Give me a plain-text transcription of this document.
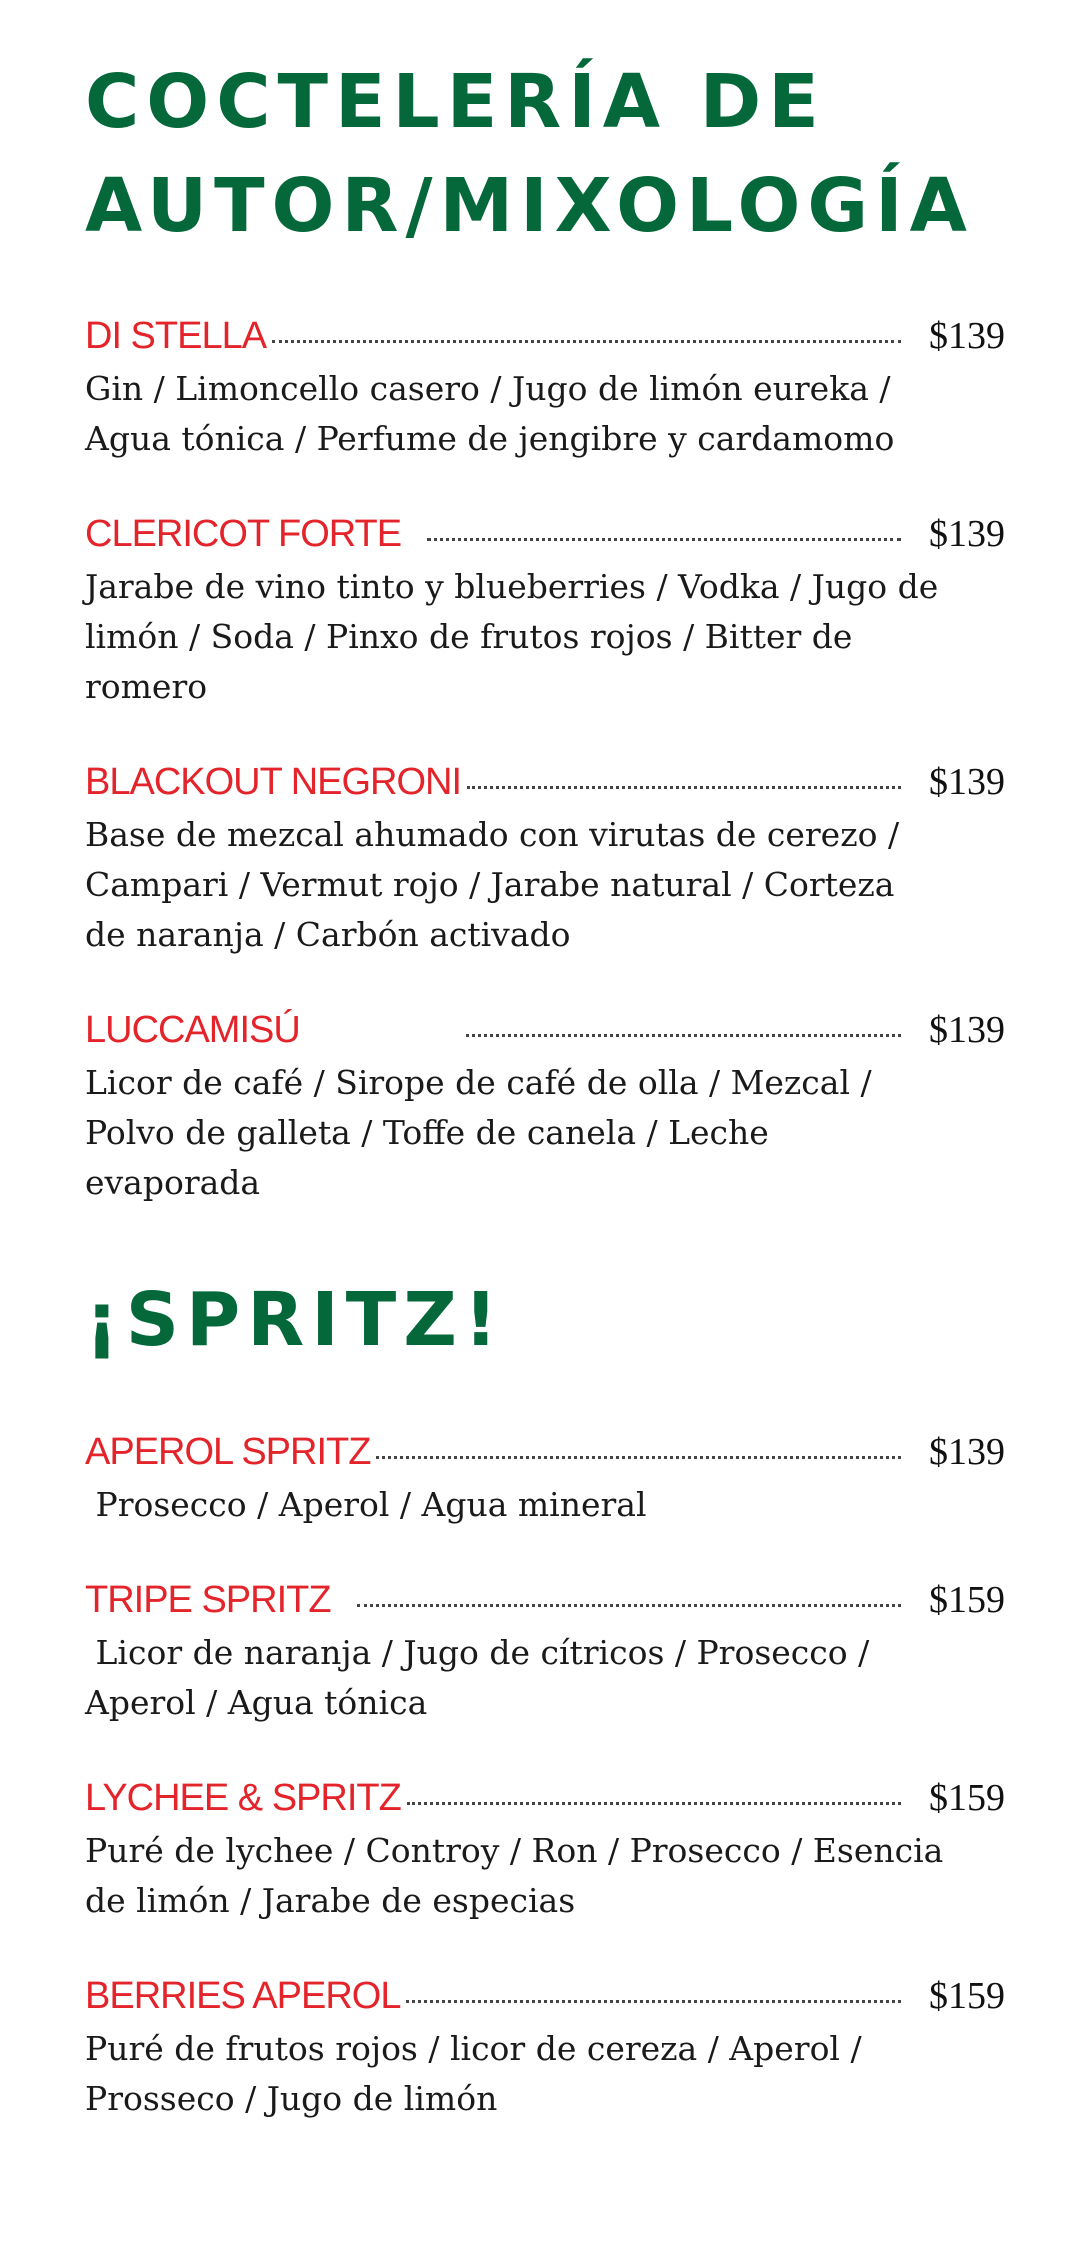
COCTELERÍA DE
AUTOR/MIXOLOGÍA
DI STELLA	$139
Gin / Limoncello casero / Jugo de limón eureka / Agua tónica / Perfume de jengibre y cardamomo
CLERICOT FORTE	$139
Jarabe de vino tinto y blueberries / Vodka / Jugo de limón / Soda / Pinxo de frutos rojos / Bitter de romero
BLACKOUT NEGRONI	$139
Base de mezcal ahumado con virutas de cerezo / Campari / Vermut rojo / Jarabe natural / Corteza de naranja / Carbón activado
LUCCAMISÚ	$139
Licor de café / Sirope de café de olla / Mezcal / Polvo de galleta / Toffe de canela / Leche evaporada
¡SPRITZ!
APEROL SPRITZ	$139
Prosecco / Aperol / Agua mineral
TRIPE SPRITZ	$159
Licor de naranja / Jugo de cítricos / Prosecco / Aperol / Agua tónica
LYCHEE & SPRITZ	$159
Puré de lychee / Controy / Ron / Prosecco / Esencia de limón / Jarabe de especias
BERRIES APEROL	$159
Puré de frutos rojos / licor de cereza / Aperol / Prosseco / Jugo de limón
